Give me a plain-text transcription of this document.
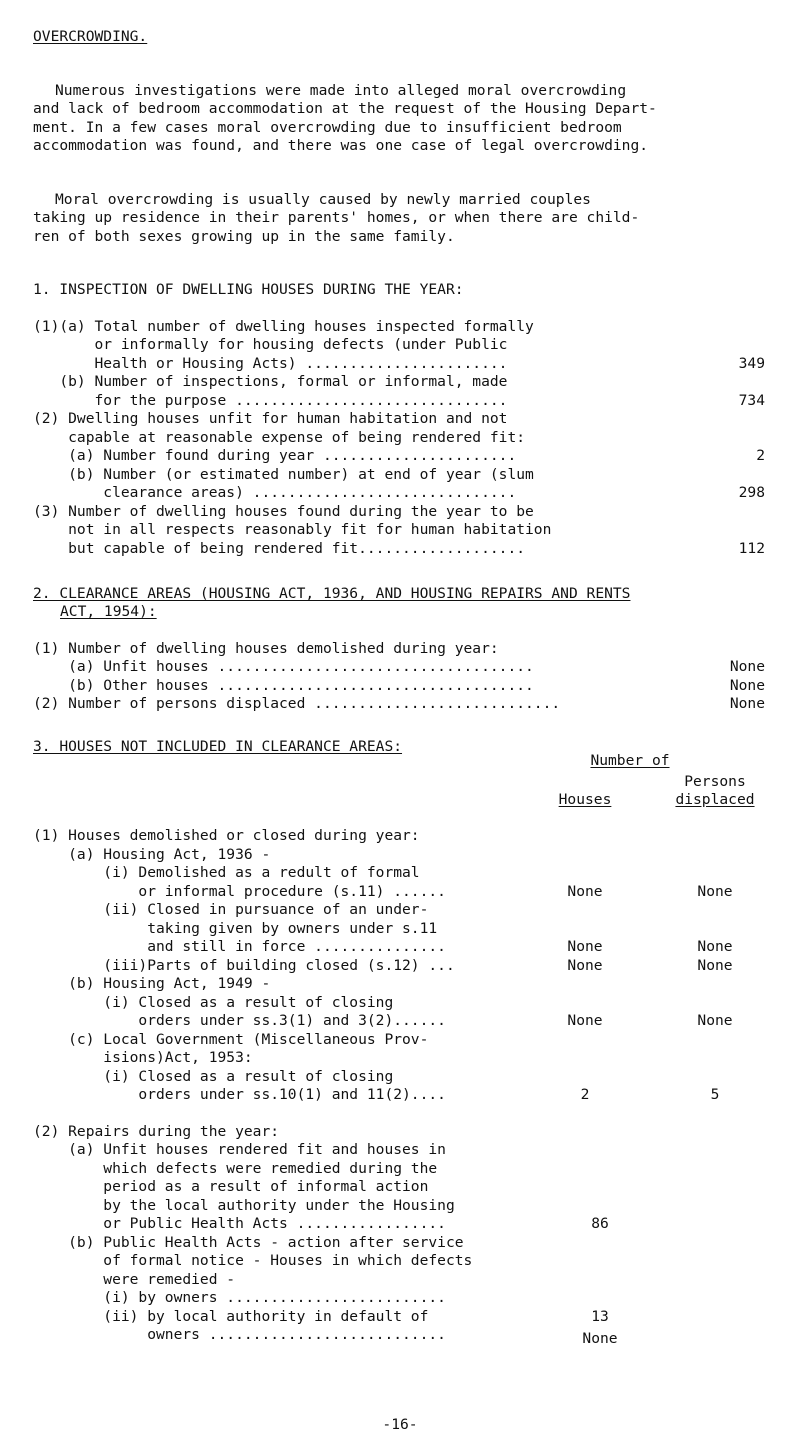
OVERCROWDING.
Numerous investigations were made into alleged moral overcrowding
and lack of bedroom accommodation at the request of the Housing Depart-
ment. In a few cases moral overcrowding due to insufficient bedroom
accommodation was found, and there was one case of legal overcrowding.
Moral overcrowding is usually caused by newly married couples
taking up residence in their parents' homes, or when there are child-
ren of both sexes growing up in the same family.
1. INSPECTION OF DWELLING HOUSES DURING THE YEAR:
(1)(a) Total number of dwelling houses inspected formally
or informally for housing defects (under Public
Health or Housing Acts) .......................
(b) Number of inspections, formal or informal, made
for the purpose ...............................
(2) Dwelling houses unfit for human habitation and not
capable at reasonable expense of being rendered fit:
(a) Number found during year ......................
(b) Number (or estimated number) at end of year (slum
clearance areas) ..............................
(3) Number of dwelling houses found during the year to be
not in all respects reasonably fit for human habitation
but capable of being rendered fit...................
349
734
2
298
112
2. CLEARANCE AREAS (HOUSING ACT, 1936, AND HOUSING REPAIRS AND RENTS
ACT, 1954):
(1) Number of dwelling houses demolished during year:
(a) Unfit houses ....................................
(b) Other houses ....................................
(2) Number of persons displaced ............................
None
None
None
3. HOUSES NOT INCLUDED IN CLEARANCE AREAS:
Number of
Persons
Houses	displaced
(1) Houses demolished or closed during year:
(a) Housing Act, 1936 -
(i) Demolished as a redult of formal
or informal procedure (s.11) ......
(ii) Closed in pursuance of an under-
taking given by owners under s.11
and still in force ...............
(iii)Parts of building closed (s.12) ...
(b) Housing Act, 1949 -
(i) Closed as a result of closing
orders under ss.3(1) and 3(2)......
(c) Local Government (Miscellaneous Prov-
isions)Act, 1953:
(i) Closed as a result of closing
orders under ss.10(1) and 11(2)....
(2) Repairs during the year:
(a) Unfit houses rendered fit and houses in
which defects were remedied during the
period as a result of informal action
by the local authority under the Housing
or Public Health Acts .................
(b) Public Health Acts - action after service
of formal notice - Houses in which defects
were remedied -
(i) by owners .........................
(ii) by local authority in default of
owners ...........................
None
None
None
None
2
86
13
None
None
None
None
None
5
-16-
